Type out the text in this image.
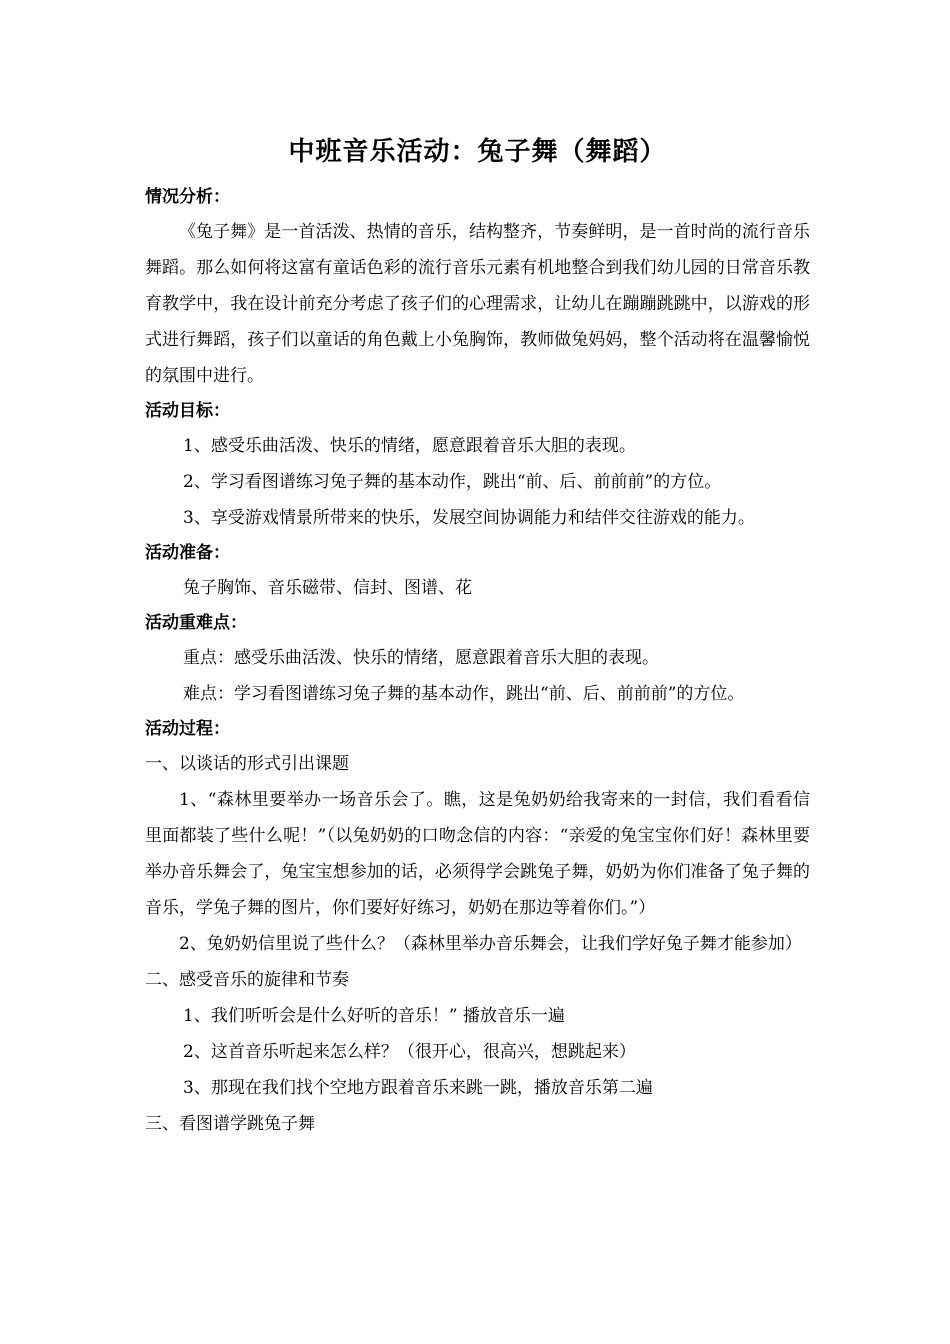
中班音乐活动：兔子舞（舞蹈）
情况分析：

《兔子舞》是一首活泼、热情的音乐，结构整齐，节奏鲜明，是一首时尚的流行音乐舞蹈。那么如何将这富有童话色彩的流行音乐元素有机地整合到我们幼儿园的日常音乐教育教学中，我在设计前充分考虑了孩子们的心理需求，让幼儿在蹦蹦跳跳中，以游戏的形式进行舞蹈，孩子们以童话的角色戴上小兔胸饰，教师做兔妈妈，整个活动将在温馨愉悦的氛围中进行。

活动目标：
1、感受乐曲活泼、快乐的情绪，愿意跟着音乐大胆的表现。
2、学习看图谱练习兔子舞的基本动作，跳出“前、后、前前前”的方位。
3、享受游戏情景所带来的快乐，发展空间协调能力和结伴交往游戏的能力。
活动准备：
兔子胸饰、音乐磁带、信封、图谱、花
活动重难点：
重点：感受乐曲活泼、快乐的情绪，愿意跟着音乐大胆的表现。
难点：学习看图谱练习兔子舞的基本动作，跳出“前、后、前前前”的方位。
活动过程：
一、以谈话的形式引出课题

1、“森林里要举办一场音乐会了。瞧，这是兔奶奶给我寄来的一封信，我们看看信里面都装了些什么呢！”（以兔奶奶的口吻念信的内容：“亲爱的兔宝宝你们好！森林里要举办音乐舞会了，兔宝宝想参加的话，必须得学会跳兔子舞，奶奶为你们准备了兔子舞的音乐，学兔子舞的图片，你们要好好练习，奶奶在那边等着你们。”）

2、兔奶奶信里说了些什么？（森林里举办音乐舞会，让我们学好兔子舞才能参加）

二、感受音乐的旋律和节奏
1、我们听听会是什么好听的音乐！” 播放音乐一遍
2、这首音乐听起来怎么样？（很开心，很高兴，想跳起来）
3、那现在我们找个空地方跟着音乐来跳一跳，播放音乐第二遍
三、看图谱学跳兔子舞
